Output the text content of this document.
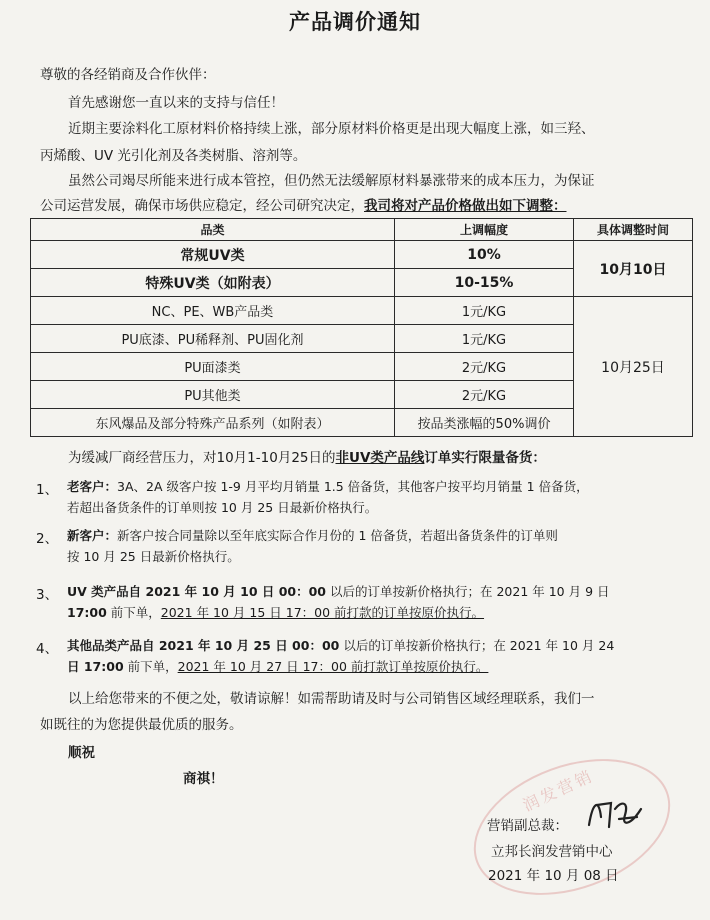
产品调价通知
尊敬的各经销商及合作伙伴：
首先感谢您一直以来的支持与信任！
近期主要涂料化工原材料价格持续上涨，部分原材料价格更是出现大幅度上涨，如三羟、
丙烯酸、UV 光引化剂及各类树脂、溶剂等。
虽然公司竭尽所能来进行成本管控，但仍然无法缓解原材料暴涨带来的成本压力，为保证
公司运营发展，确保市场供应稳定，经公司研究决定，我司将对产品价格做出如下调整：
品类	上调幅度	具体调整时间
常规UV类	10%	10月10日
特殊UV类（如附表）	10-15%	
NC、PE、WB产品类	1元/KG	10月25日
PU底漆、PU稀释剂、PU固化剂	1元/KG	
PU面漆类	2元/KG	
PU其他类	2元/KG	
东风爆品及部分特殊产品系列（如附表）	按品类涨幅的50%调价	
为缓减厂商经营压力，对10月1-10月25日的非UV类产品线订单实行限量备货：
1、 老客户：3A、2A 级客户按 1-9 月平均月销量 1.5 倍备货，其他客户按平均月销量 1 倍备货，
若超出备货条件的订单则按 10 月 25 日最新价格执行。
2、 新客户：新客户按合同量除以至年底实际合作月份的 1 倍备货，若超出备货条件的订单则
按 10 月 25 日最新价格执行。
3、 UV 类产品自 2021 年 10 月 10 日 00：00 以后的订单按新价格执行；在 2021 年 10 月 9 日
17:00 前下单，2021 年 10 月 15 日 17：00 前打款的订单按原价执行。
4、 其他品类产品自 2021 年 10 月 25 日 00：00 以后的订单按新价格执行；在 2021 年 10 月 24
日 17:00 前下单，2021 年 10 月 27 日 17：00 前打款订单按原价执行。
以上给您带来的不便之处，敬请谅解！如需帮助请及时与公司销售区域经理联系，我们一
如既往的为您提供最优质的服务。
顺祝
商祺！	润发营销
营销副总裁：
立邦长润发营销中心
2021 年 10 月 08 日
